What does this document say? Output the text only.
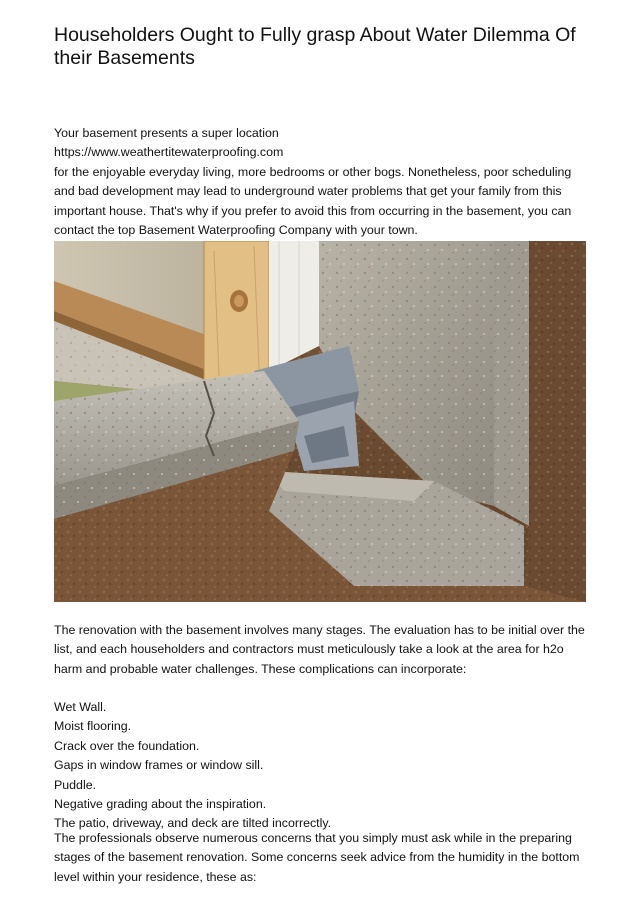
Householders Ought to Fully grasp About Water Dilemma Of their Basements

Your basement presents a super location
https://www.weathertitewaterproofing.com
for the enjoyable everyday living, more bedrooms or other bogs. Nonetheless, poor scheduling and bad development may lead to underground water problems that get your family from this important house. That's why if you prefer to avoid this from occurring in the basement, you can contact the top Basement Waterproofing Company with your town.

The renovation with the basement involves many stages. The evaluation has to be initial over the list, and each householders and contractors must meticulously take a look at the area for h2o harm and probable water challenges. These complications can incorporate:

Wet Wall.
Moist flooring.
Crack over the foundation.
Gaps in window frames or window sill.
Puddle.
Negative grading about the inspiration.
The patio, driveway, and deck are tilted incorrectly.

The professionals observe numerous concerns that you simply must ask while in the preparing stages of the basement renovation. Some concerns seek advice from the humidity in the bottom level within your residence, these as:
